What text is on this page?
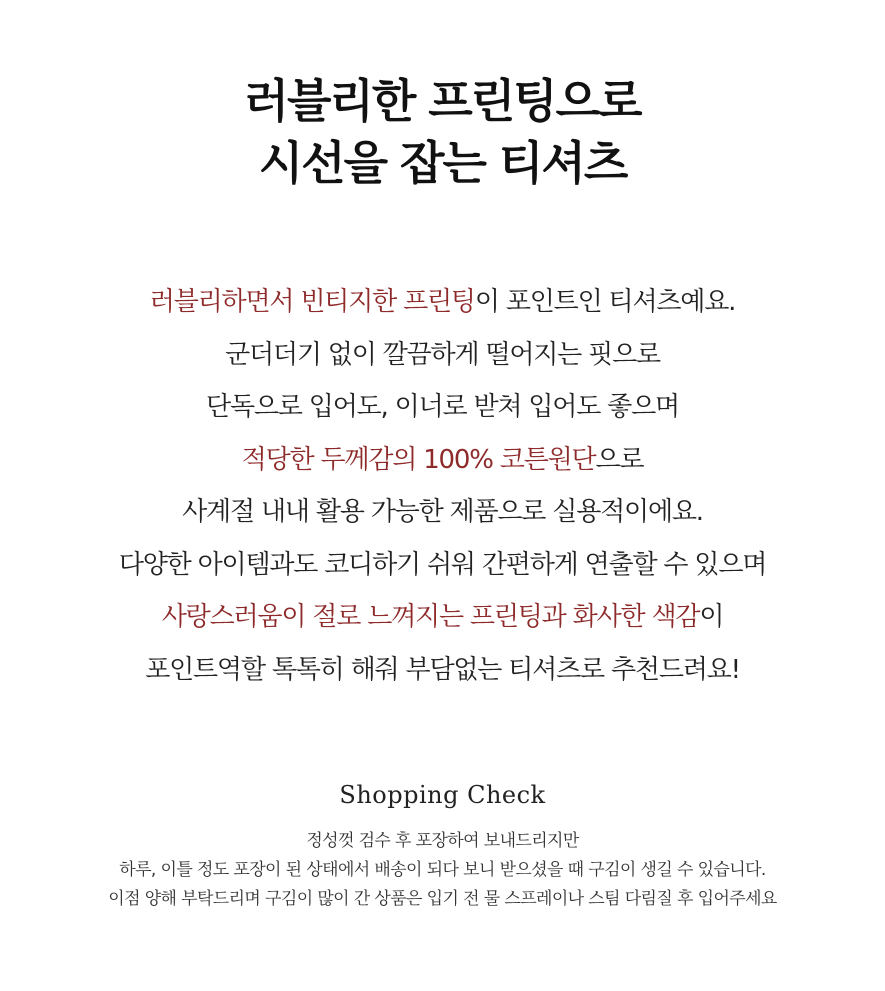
러블리한 프린팅으로
시선을 잡는 티셔츠
러블리하면서 빈티지한 프린팅이 포인트인 티셔츠예요.
군더더기 없이 깔끔하게 떨어지는 핏으로
단독으로 입어도, 이너로 받쳐 입어도 좋으며
적당한 두께감의 100% 코튼원단으로
사계절 내내 활용 가능한 제품으로 실용적이에요.
다양한 아이템과도 코디하기 쉬워 간편하게 연출할 수 있으며
사랑스러움이 절로 느껴지는 프린팅과 화사한 색감이
포인트역할 톡톡히 해줘 부담없는 티셔츠로 추천드려요!
Shopping Check
정성껏 검수 후 포장하여 보내드리지만
하루, 이틀 정도 포장이 된 상태에서 배송이 되다 보니 받으셨을 때 구김이 생길 수 있습니다.
이점 양해 부탁드리며 구김이 많이 간 상품은 입기 전 물 스프레이나 스팀 다림질 후 입어주세요
